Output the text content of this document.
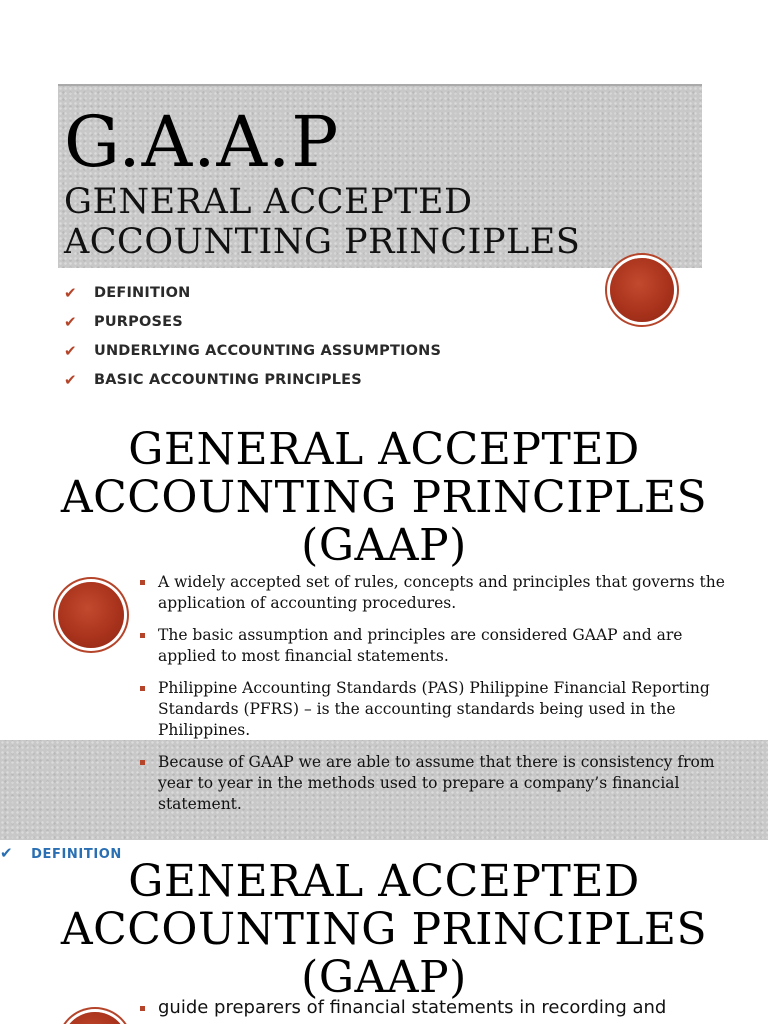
G.A.A.P
GENERAL ACCEPTED
ACCOUNTING PRINCIPLES
✔	DEFINITION
✔	PURPOSES
✔	UNDERLYING ACCOUNTING ASSUMPTIONS
✔	BASIC ACCOUNTING PRINCIPLES
GENERAL ACCEPTED
ACCOUNTING PRINCIPLES
(GAAP)
A widely accepted set of rules, concepts and principles that governs the application of accounting procedures.
The basic assumption and principles are considered GAAP and are applied to most financial statements.
Philippine Accounting Standards (PAS) Philippine Financial Reporting Standards (PFRS) – is the accounting standards being used in the Philippines.
Because of GAAP we are able to assume that there is consistency from year to year in the methods used to prepare a company’s financial statement.
✔ DEFINITION
GENERAL ACCEPTED
ACCOUNTING PRINCIPLES
(GAAP)
guide preparers of financial statements in recording and
